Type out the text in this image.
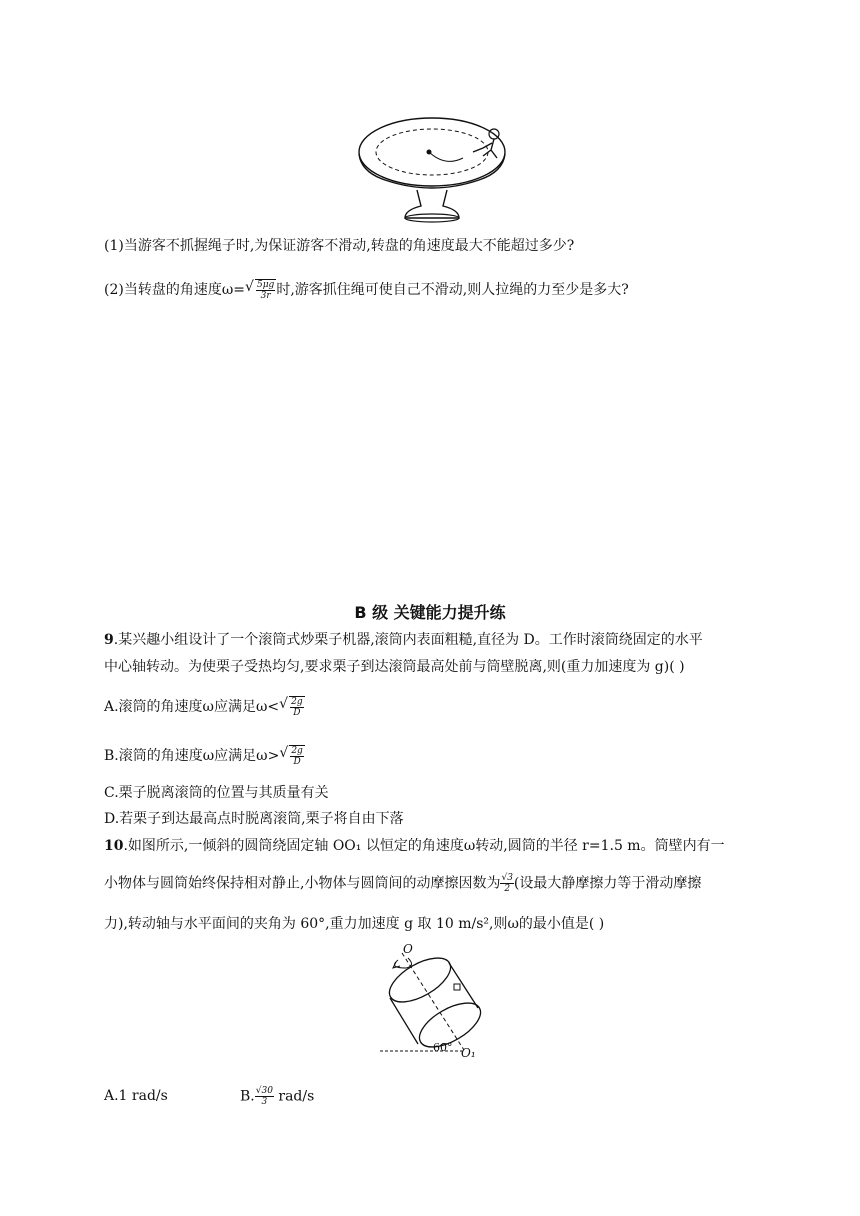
(1)当游客不抓握绳子时,为保证游客不滑动,转盘的角速度最大不能超过多少?
(2)当转盘的角速度ω= √ $\frac{5\mu g}{3r}$ 时,游客抓住绳可使自己不滑动,则人拉绳的力至少是多大?
B 级 关键能力提升练
9.某兴趣小组设计了一个滚筒式炒栗子机器,滚筒内表面粗糙,直径为 D。工作时滚筒绕固定的水平
中心轴转动。为使栗子受热均匀,要求栗子到达滚筒最高处前与筒壁脱离,则(重力加速度为 g)( )
A.滚筒的角速度ω应满足ω< √ $\frac{2g}{D}$
B.滚筒的角速度ω应满足ω> √ $\frac{2g}{D}$
C.栗子脱离滚筒的位置与其质量有关
D.若栗子到达最高点时脱离滚筒,栗子将自由下落
10.如图所示,一倾斜的圆筒绕固定轴 OO₁ 以恒定的角速度ω转动,圆筒的半径 r=1.5 m。筒壁内有一
小物体与圆筒始终保持相对静止,小物体与圆筒间的动摩擦因数为 $\frac{√3}{2}$ (设最大静摩擦力等于滑动摩擦
力),转动轴与水平面间的夹角为 60°,重力加速度 g 取 10 m/s²,则ω的最小值是( )
O
60° O₁
A.1 rad/s	B. $\frac{√30}{3} rad/s$
